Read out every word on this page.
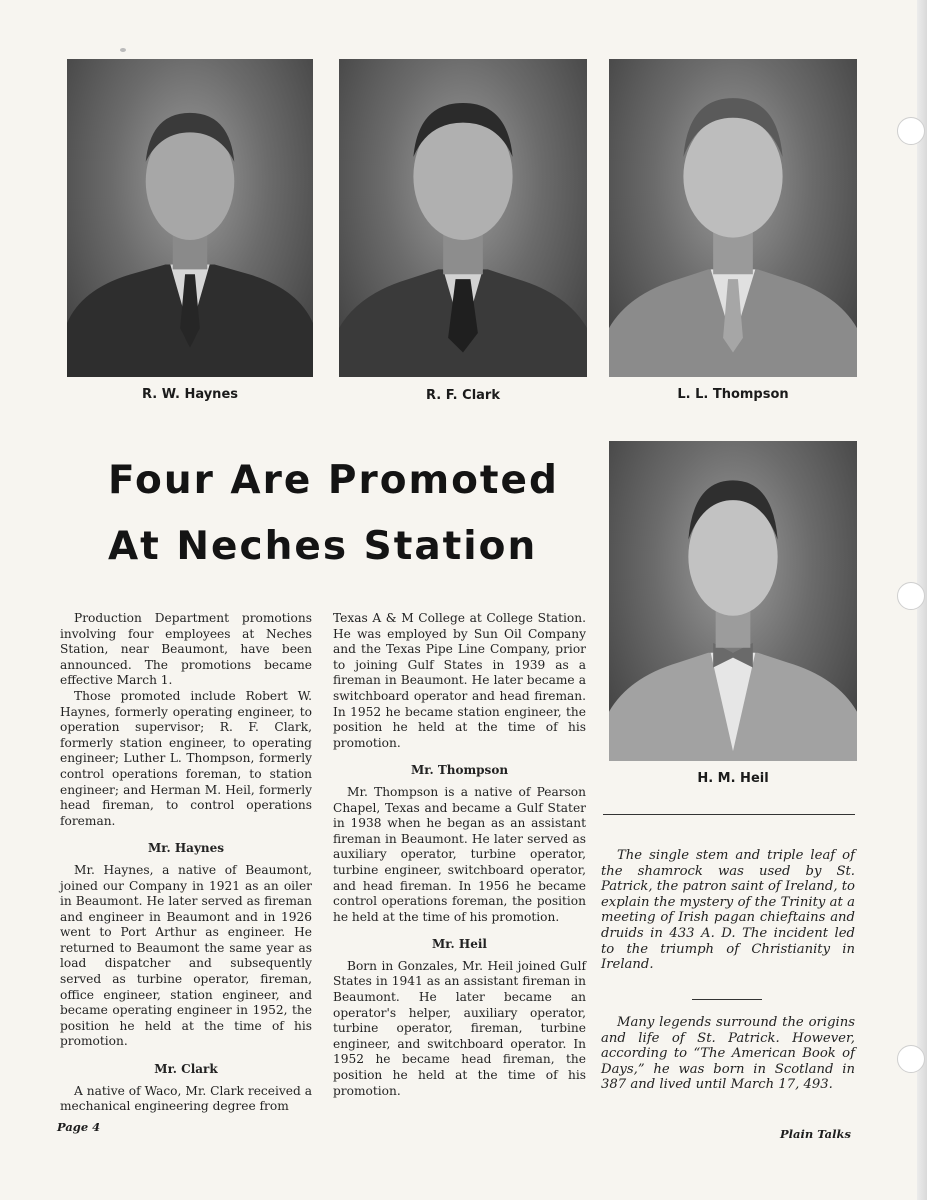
R. W. Haynes	R. F. Clark	L. L. Thompson
H. M. Heil
Four Are Promoted
At Neches Station

Production Department promotions involving four employees at Neches Station, near Beaumont, have been announced. The promotions became effective March 1.

Those promoted include Robert W. Haynes, formerly operating engineer, to operation supervisor; R. F. Clark, formerly station engineer, to operating engineer; Luther L. Thompson, formerly control operations foreman, to station engineer; and Herman M. Heil, formerly head fireman, to control operations foreman.

Mr. Haynes

Mr. Haynes, a native of Beaumont, joined our Company in 1921 as an oiler in Beaumont. He later served as fireman and engineer in Beaumont and in 1926 went to Port Arthur as engineer. He returned to Beaumont the same year as load dispatcher and subsequently served as turbine operator, fireman, office engineer, station engineer, and became operating engineer in 1952, the position he held at the time of his promotion.

Mr. Clark

A native of Waco, Mr. Clark received a mechanical engineering degree from

Texas A & M College at College Station. He was employed by Sun Oil Company and the Texas Pipe Line Company, prior to joining Gulf States in 1939 as a fireman in Beaumont. He later became a switchboard operator and head fireman. In 1952 he became station engineer, the position he held at the time of his promotion.

Mr. Thompson

Mr. Thompson is a native of Pearson Chapel, Texas and became a Gulf Stater in 1938 when he began as an assistant fireman in Beaumont. He later served as auxiliary operator, turbine operator, turbine engineer, switchboard operator, and head fireman. In 1956 he became control operations foreman, the position he held at the time of his promotion.

Mr. Heil

Born in Gonzales, Mr. Heil joined Gulf States in 1941 as an assistant fireman in Beaumont. He later became an operator's helper, auxiliary operator, turbine operator, fireman, turbine engineer, and switchboard operator. In 1952 he became head fireman, the position he held at the time of his promotion.

The single stem and triple leaf of the shamrock was used by St. Patrick, the patron saint of Ireland, to explain the mystery of the Trinity at a meeting of Irish pagan chieftains and druids in 433 A. D. The incident led to the triumph of Christianity in Ireland.

Many legends surround the origins and life of St. Patrick. However, according to “The American Book of Days,” he was born in Scotland in 387 and lived until March 17, 493.

Page 4	Plain Talks
